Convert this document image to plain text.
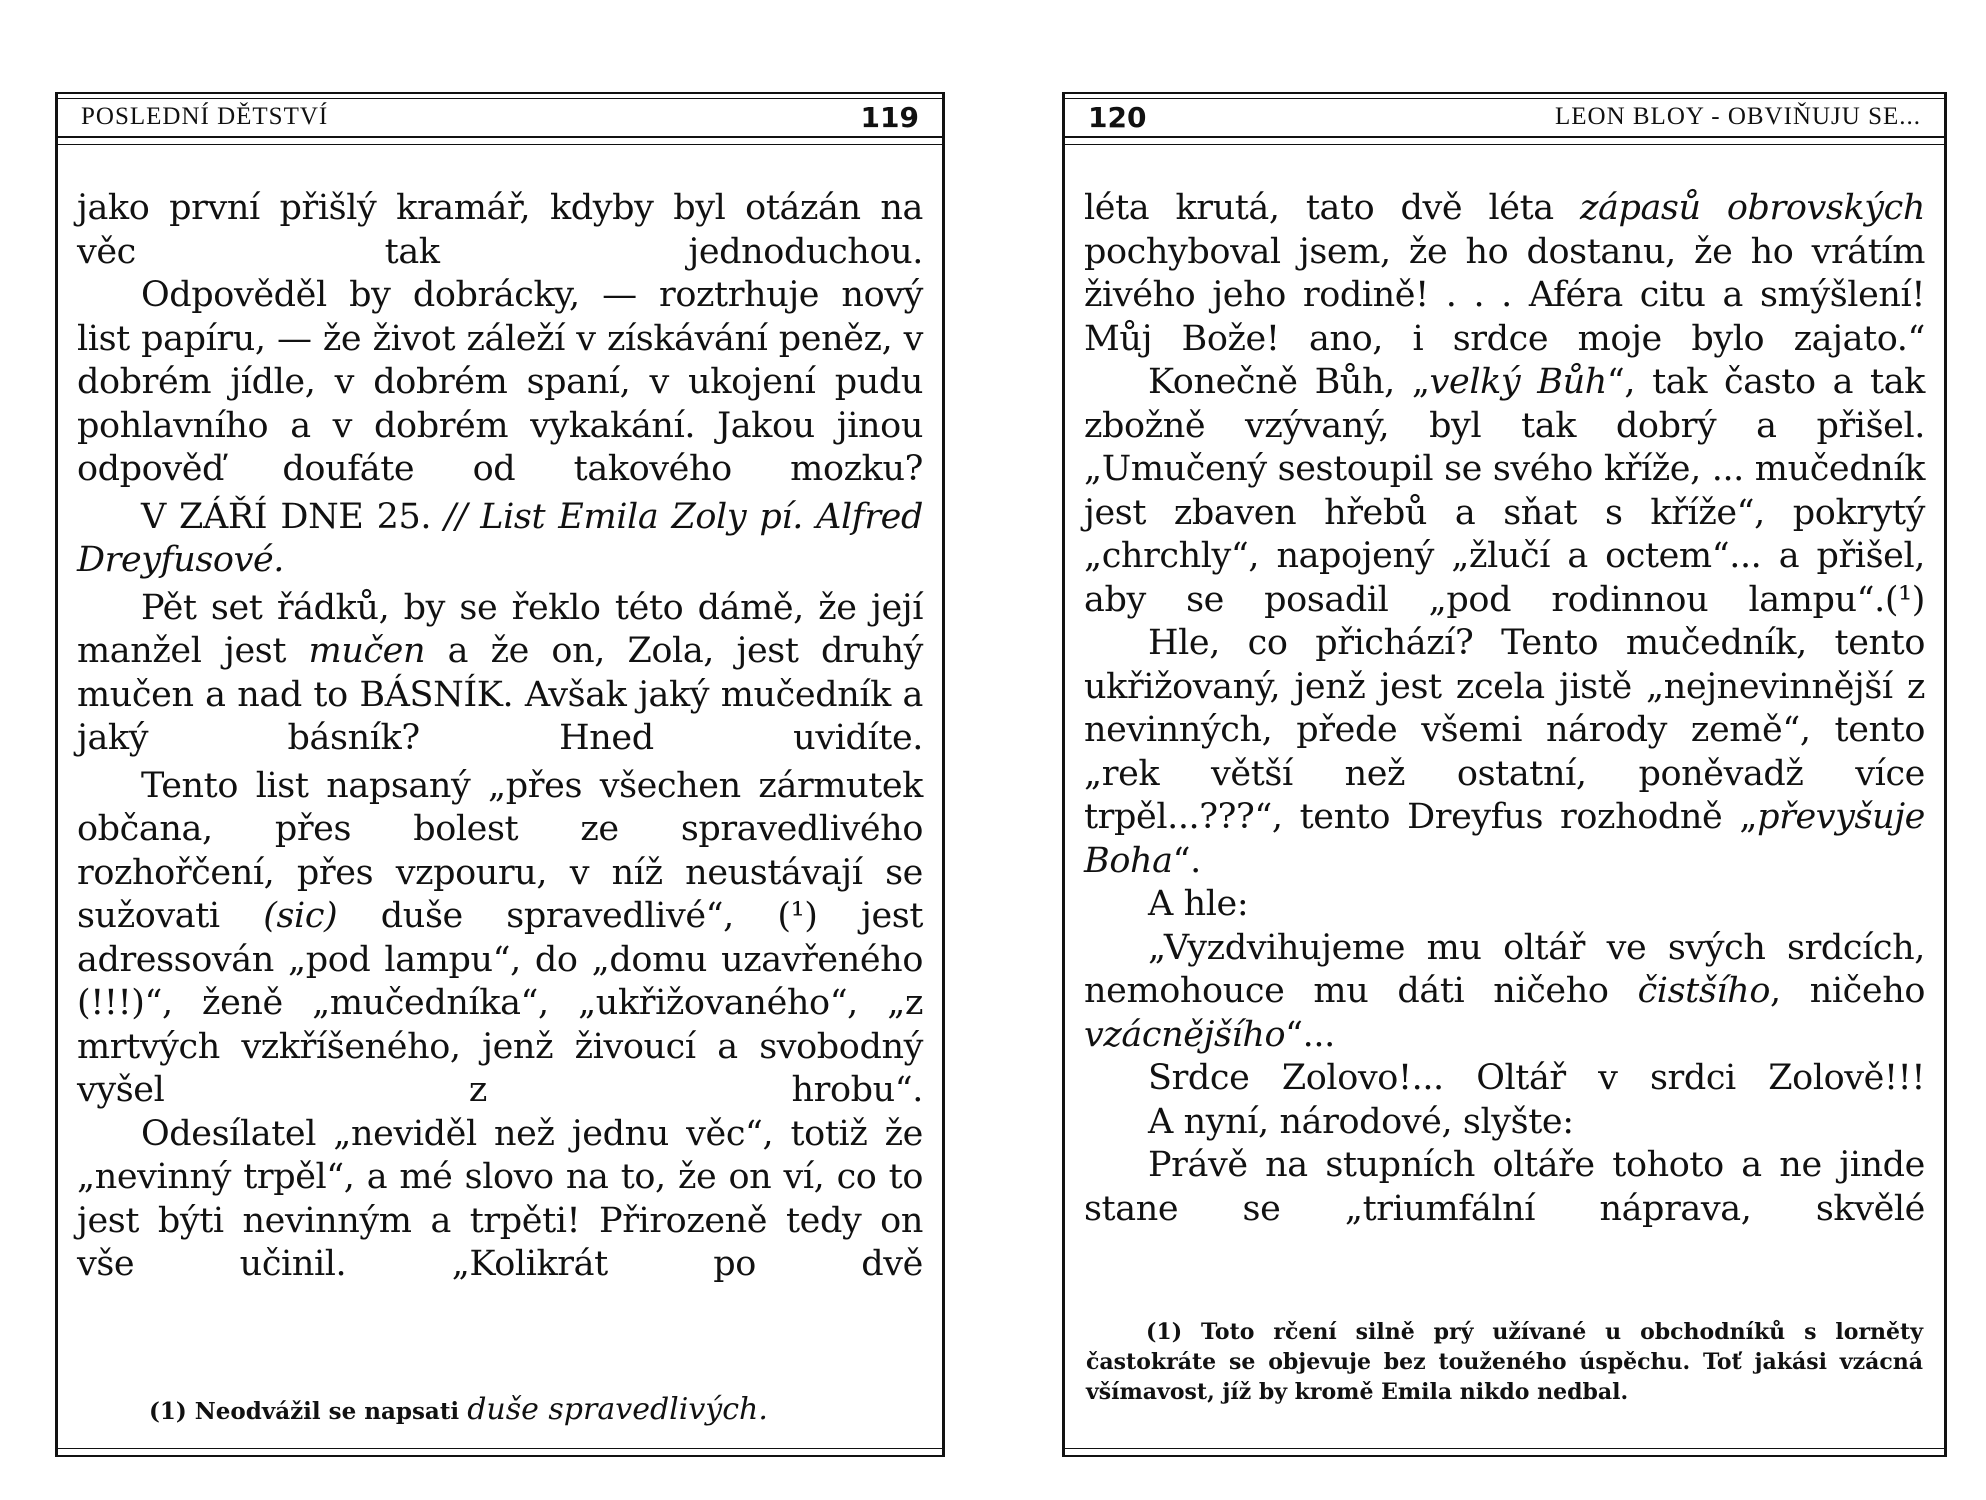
POSLEDNÍ DĚTSTVÍ	119

jako první přišlý kramář, kdyby byl otázán na věc tak jednoduchou.

Odpověděl by dobrácky, — roztrhuje nový list papíru, — že život záleží v získávání peněz, v dobrém jídle, v dobrém spaní, v ukojení pudu pohlavního a v dobrém vykakání. Jakou jinou odpověď doufáte od takového mozku?

V ZÁŘÍ DNE 25. // List Emila Zoly pí. Alfred Dreyfusové.

Pět set řádků, by se řeklo této dámě, že její manžel jest mučen a že on, Zola, jest druhý mučen a nad to BÁSNÍK. Avšak jaký mučedník a jaký básník? Hned uvidíte.

Tento list napsaný „přes všechen zármutek občana, přes bolest ze spravedlivého rozhořčení, přes vzpouru, v níž neustávají se sužovati (sic) duše spravedlivé“, (¹) jest adressován „pod lampu“, do „domu uzavřeného (!!!)“, ženě „mučedníka“, „ukřižovaného“, „z mrtvých vzkříšeného, jenž živoucí a svobodný vyšel z hrobu“.

Odesílatel „neviděl než jednu věc“, totiž že „nevinný trpěl“, a mé slovo na to, že on ví, co to jest býti nevinným a trpěti! Přirozeně tedy on vše učinil. „Kolikrát po dvě

(1) Neodvážil se napsati duše spravedlivých.
120	LEON BLOY - OBVIŇUJU SE...

léta krutá, tato dvě léta zápasů obrovských pochyboval jsem, že ho dostanu, že ho vrátím živého jeho rodině! . . . Aféra citu a smýšlení! Můj Bože! ano, i srdce moje bylo zajato.“

Konečně Bůh, „velký Bůh“, tak často a tak zbožně vzývaný, byl tak dobrý a přišel. „Umučený sestoupil se svého kříže, ... mučedník jest zbaven hřebů a sňat s kříže“, pokrytý „chrchly“, napojený „žlučí a octem“... a přišel, aby se posadil „pod rodinnou lampu“.(¹)

Hle, co přichází? Tento mučedník, tento ukřižovaný, jenž jest zcela jistě „nejnevinnější z nevinných, přede všemi národy země“, tento „rek větší než ostatní, poněvadž více trpěl...???“, tento Dreyfus rozhodně „převyšuje Boha“.

A hle:

„Vyzdvihujeme mu oltář ve svých srdcích, nemohouce mu dáti ničeho čistšího, ničeho vzácnějšího“...

Srdce Zolovo!... Oltář v srdci Zolově!!!

A nyní, národové, slyšte:

Právě na stupních oltáře tohoto a ne jinde stane se „triumfální náprava, skvělé

(1) Toto rčení silně prý užívané u obchodníků s lorněty častokráte se objevuje bez touženého úspěchu. Toť jakási vzácná všímavost, jíž by kromě Emila nikdo nedbal.
